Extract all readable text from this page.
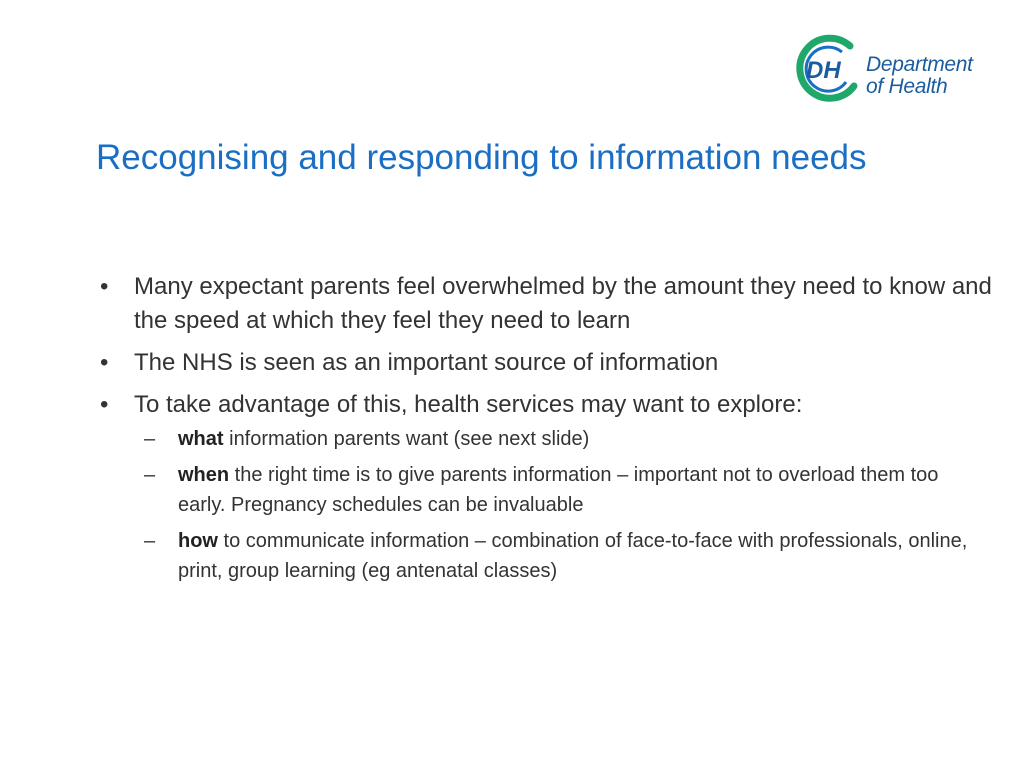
DH Department
of Health
Recognising and responding to information needs
• Many expectant parents feel overwhelmed by the amount they need to know and the speed at which they feel they need to learn
• The NHS is seen as an important source of information
• To take advantage of this, health services may want to explore:
– what information parents want (see next slide)
– when the right time is to give parents information – important not to overload them too early. Pregnancy schedules can be invaluable
– how to communicate information – combination of face-to-face with professionals, online, print, group learning (eg antenatal classes)
